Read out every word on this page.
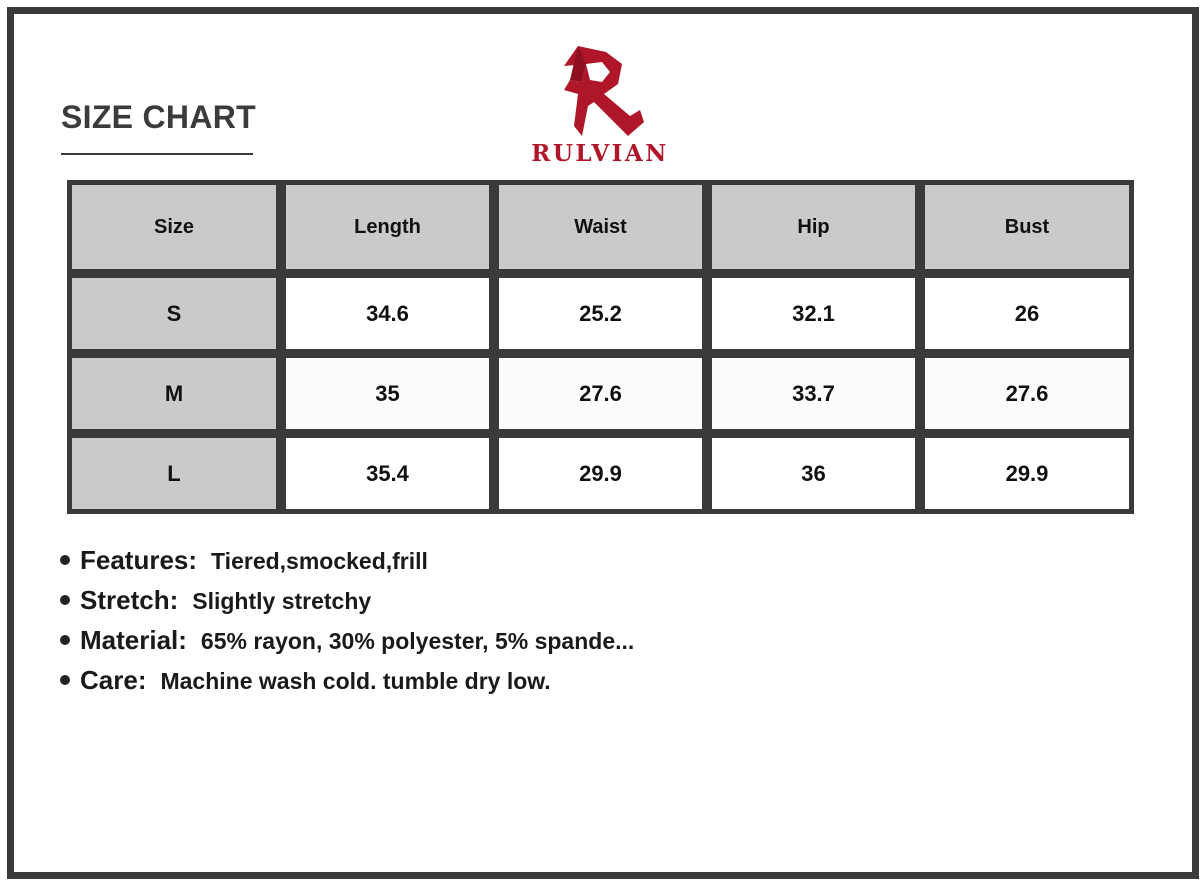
SIZE CHART
RULVIAN
Size	Length	Waist	Hip	Bust
S	34.6	25.2	32.1	26
M	35	27.6	33.7	27.6
L	35.4	29.9	36	29.9
Features: Tiered,smocked,frill
Stretch: Slightly stretchy
Material: 65% rayon, 30% polyester, 5% spande...
Care: Machine wash cold. tumble dry low.
